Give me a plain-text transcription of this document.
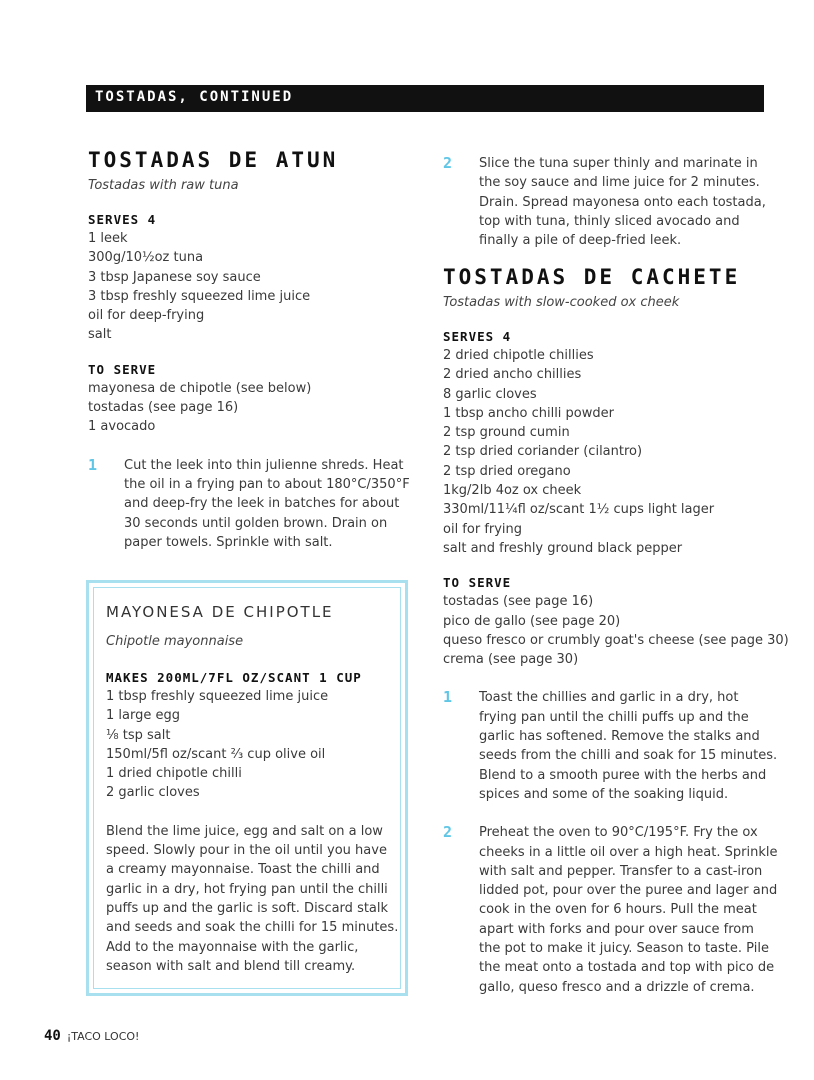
TOSTADAS, CONTINUED
TOSTADAS DE ATUN
Tostadas with raw tuna
SERVES 4
1 leek
300g/10½oz tuna
3 tbsp Japanese soy sauce
3 tbsp freshly squeezed lime juice
oil for deep-frying
salt
TO SERVE
mayonesa de chipotle (see below)
tostadas (see page 16)
1 avocado
1 Cut the leek into thin julienne shreds. Heat
the oil in a frying pan to about 180°C/350°F
and deep-fry the leek in batches for about
30 seconds until golden brown. Drain on
paper towels. Sprinkle with salt.
MAYONESA DE CHIPOTLE
Chipotle mayonnaise
MAKES 200ML/7FL OZ/SCANT 1 CUP
1 tbsp freshly squeezed lime juice
1 large egg
⅛ tsp salt
150ml/5fl oz/scant ⅔ cup olive oil
1 dried chipotle chilli
2 garlic cloves
Blend the lime juice, egg and salt on a low
speed. Slowly pour in the oil until you have
a creamy mayonnaise. Toast the chilli and
garlic in a dry, hot frying pan until the chilli
puffs up and the garlic is soft. Discard stalk
and seeds and soak the chilli for 15 minutes.
Add to the mayonnaise with the garlic,
season with salt and blend till creamy.
2 Slice the tuna super thinly and marinate in
the soy sauce and lime juice for 2 minutes.
Drain. Spread mayonesa onto each tostada,
top with tuna, thinly sliced avocado and
finally a pile of deep-fried leek.
TOSTADAS DE CACHETE
Tostadas with slow-cooked ox cheek
SERVES 4
2 dried chipotle chillies
2 dried ancho chillies
8 garlic cloves
1 tbsp ancho chilli powder
2 tsp ground cumin
2 tsp dried coriander (cilantro)
2 tsp dried oregano
1kg/2lb 4oz ox cheek
330ml/11¼fl oz/scant 1½ cups light lager
oil for frying
salt and freshly ground black pepper
TO SERVE
tostadas (see page 16)
pico de gallo (see page 20)
queso fresco or crumbly goat's cheese (see page 30)
crema (see page 30)
1 Toast the chillies and garlic in a dry, hot
frying pan until the chilli puffs up and the
garlic has softened. Remove the stalks and
seeds from the chilli and soak for 15 minutes.
Blend to a smooth puree with the herbs and
spices and some of the soaking liquid.
2 Preheat the oven to 90°C/195°F. Fry the ox
cheeks in a little oil over a high heat. Sprinkle
with salt and pepper. Transfer to a cast-iron
lidded pot, pour over the puree and lager and
cook in the oven for 6 hours. Pull the meat
apart with forks and pour over sauce from
the pot to make it juicy. Season to taste. Pile
the meat onto a tostada and top with pico de
gallo, queso fresco and a drizzle of crema.
40 ¡TACO LOCO!
